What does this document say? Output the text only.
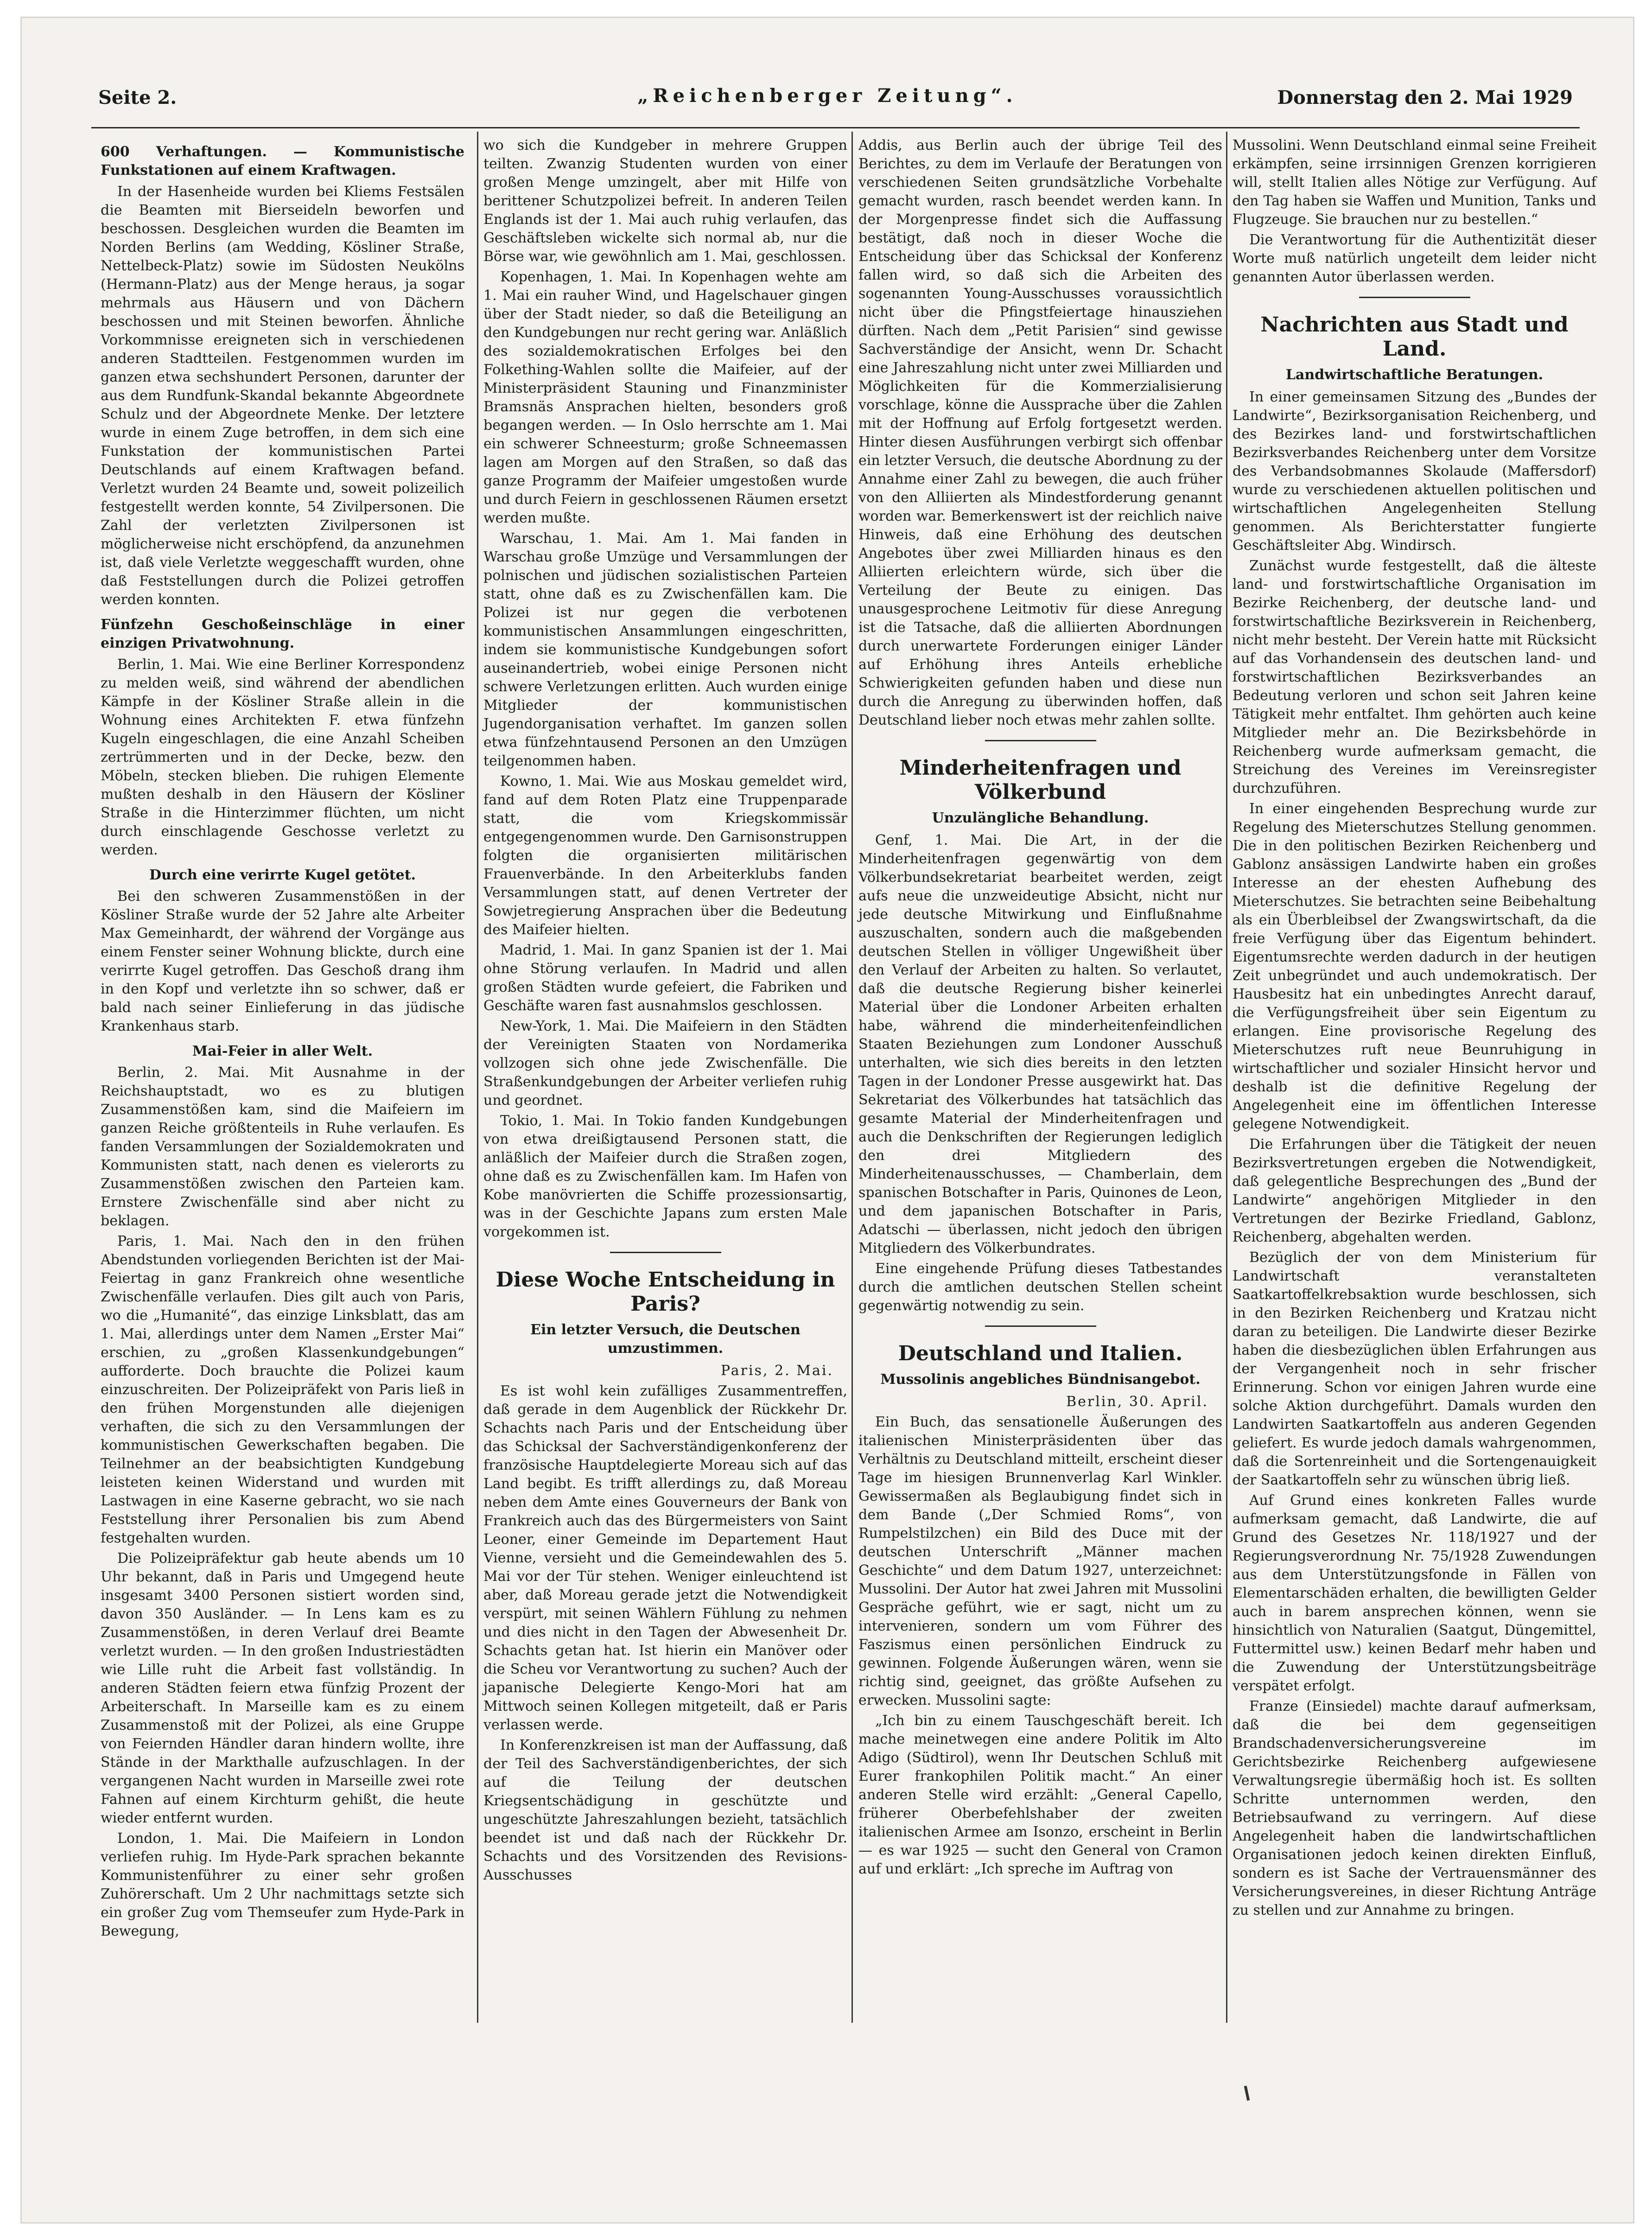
Seite 2.	„Reichenberger Zeitung“.	Donnerstag den 2. Mai 1929

600 Verhaftungen. — Kommunistische Funkstationen auf einem Kraftwagen.

In der Hasenheide wurden bei Kliems Festsälen die Beamten mit Bierseideln beworfen und beschossen. Desgleichen wurden die Beamten im Norden Berlins (am Wedding, Kösliner Straße, Nettelbeck-Platz) sowie im Südosten Neukölns (Hermann-Platz) aus der Menge heraus, ja sogar mehrmals aus Häusern und von Dächern beschossen und mit Steinen beworfen. Ähnliche Vorkommnisse ereigneten sich in verschiedenen anderen Stadtteilen. Festgenommen wurden im ganzen etwa sechshundert Personen, darunter der aus dem Rundfunk-Skandal bekannte Abgeordnete Schulz und der Abgeordnete Menke. Der letztere wurde in einem Zuge betroffen, in dem sich eine Funkstation der kommunistischen Partei Deutschlands auf einem Kraftwagen befand. Verletzt wurden 24 Beamte und, soweit polizeilich festgestellt werden konnte, 54 Zivilpersonen. Die Zahl der verletzten Zivilpersonen ist möglicherweise nicht erschöpfend, da anzunehmen ist, daß viele Verletzte weggeschafft wurden, ohne daß Feststellungen durch die Polizei getroffen werden konnten.

Fünfzehn Geschoßeinschläge in einer einzigen Privatwohnung.

Berlin, 1. Mai. Wie eine Berliner Korrespondenz zu melden weiß, sind während der abendlichen Kämpfe in der Kösliner Straße allein in die Wohnung eines Architekten F. etwa fünfzehn Kugeln eingeschlagen, die eine Anzahl Scheiben zertrümmerten und in der Decke, bezw. den Möbeln, stecken blieben. Die ruhigen Elemente mußten deshalb in den Häusern der Kösliner Straße in die Hinterzimmer flüchten, um nicht durch einschlagende Geschosse verletzt zu werden.

Durch eine verirrte Kugel getötet.

Bei den schweren Zusammenstößen in der Kösliner Straße wurde der 52 Jahre alte Arbeiter Max Gemeinhardt, der während der Vorgänge aus einem Fenster seiner Wohnung blickte, durch eine verirrte Kugel getroffen. Das Geschoß drang ihm in den Kopf und verletzte ihn so schwer, daß er bald nach seiner Einlieferung in das jüdische Krankenhaus starb.

Mai-Feier in aller Welt.

Berlin, 2. Mai. Mit Ausnahme in der Reichshauptstadt, wo es zu blutigen Zusammenstößen kam, sind die Maifeiern im ganzen Reiche größtenteils in Ruhe verlaufen. Es fanden Versammlungen der Sozialdemokraten und Kommunisten statt, nach denen es vielerorts zu Zusammenstößen zwischen den Parteien kam. Ernstere Zwischenfälle sind aber nicht zu beklagen.

Paris, 1. Mai. Nach den in den frühen Abendstunden vorliegenden Berichten ist der Mai-Feiertag in ganz Frankreich ohne wesentliche Zwischenfälle verlaufen. Dies gilt auch von Paris, wo die „Humanité“, das einzige Linksblatt, das am 1. Mai, allerdings unter dem Namen „Erster Mai“ erschien, zu „großen Klassenkundgebungen“ aufforderte. Doch brauchte die Polizei kaum einzuschreiten. Der Polizeipräfekt von Paris ließ in den frühen Morgenstunden alle diejenigen verhaften, die sich zu den Versammlungen der kommunistischen Gewerkschaften begaben. Die Teilnehmer an der beabsichtigten Kundgebung leisteten keinen Widerstand und wurden mit Lastwagen in eine Kaserne gebracht, wo sie nach Feststellung ihrer Personalien bis zum Abend festgehalten wurden.

Die Polizeipräfektur gab heute abends um 10 Uhr bekannt, daß in Paris und Umgegend heute insgesamt 3400 Personen sistiert worden sind, davon 350 Ausländer. — In Lens kam es zu Zusammenstößen, in deren Verlauf drei Beamte verletzt wurden. — In den großen Industriestädten wie Lille ruht die Arbeit fast vollständig. In anderen Städten feiern etwa fünfzig Prozent der Arbeiterschaft. In Marseille kam es zu einem Zusammenstoß mit der Polizei, als eine Gruppe von Feiernden Händler daran hindern wollte, ihre Stände in der Markthalle aufzuschlagen. In der vergangenen Nacht wurden in Marseille zwei rote Fahnen auf einem Kirchturm gehißt, die heute wieder entfernt wurden.

London, 1. Mai. Die Maifeiern in London verliefen ruhig. Im Hyde-Park sprachen bekannte Kommunistenführer zu einer sehr großen Zuhörerschaft. Um 2 Uhr nachmittags setzte sich ein großer Zug vom Themseufer zum Hyde-Park in Bewegung,

wo sich die Kundgeber in mehrere Gruppen teilten. Zwanzig Studenten wurden von einer großen Menge umzingelt, aber mit Hilfe von berittener Schutzpolizei befreit. In anderen Teilen Englands ist der 1. Mai auch ruhig verlaufen, das Geschäftsleben wickelte sich normal ab, nur die Börse war, wie gewöhnlich am 1. Mai, geschlossen.

Kopenhagen, 1. Mai. In Kopenhagen wehte am 1. Mai ein rauher Wind, und Hagelschauer gingen über der Stadt nieder, so daß die Beteiligung an den Kundgebungen nur recht gering war. Anläßlich des sozialdemokratischen Erfolges bei den Folkething-Wahlen sollte die Maifeier, auf der Ministerpräsident Stauning und Finanzminister Bramsnäs Ansprachen hielten, besonders groß begangen werden. — In Oslo herrschte am 1. Mai ein schwerer Schneesturm; große Schneemassen lagen am Morgen auf den Straßen, so daß das ganze Programm der Maifeier umgestoßen wurde und durch Feiern in geschlossenen Räumen ersetzt werden mußte.

Warschau, 1. Mai. Am 1. Mai fanden in Warschau große Umzüge und Versammlungen der polnischen und jüdischen sozialistischen Parteien statt, ohne daß es zu Zwischenfällen kam. Die Polizei ist nur gegen die verbotenen kommunistischen Ansammlungen eingeschritten, indem sie kommunistische Kundgebungen sofort auseinandertrieb, wobei einige Personen nicht schwere Verletzungen erlitten. Auch wurden einige Mitglieder der kommunistischen Jugendorganisation verhaftet. Im ganzen sollen etwa fünfzehntausend Personen an den Umzügen teilgenommen haben.

Kowno, 1. Mai. Wie aus Moskau gemeldet wird, fand auf dem Roten Platz eine Truppenparade statt, die vom Kriegskommissär entgegengenommen wurde. Den Garnisonstruppen folgten die organisierten militärischen Frauenverbände. In den Arbeiterklubs fanden Versammlungen statt, auf denen Vertreter der Sowjetregierung Ansprachen über die Bedeutung des Maifeier hielten.

Madrid, 1. Mai. In ganz Spanien ist der 1. Mai ohne Störung verlaufen. In Madrid und allen großen Städten wurde gefeiert, die Fabriken und Geschäfte waren fast ausnahmslos geschlossen.

New-York, 1. Mai. Die Maifeiern in den Städten der Vereinigten Staaten von Nordamerika vollzogen sich ohne jede Zwischenfälle. Die Straßenkundgebungen der Arbeiter verliefen ruhig und geordnet.

Tokio, 1. Mai. In Tokio fanden Kundgebungen von etwa dreißigtausend Personen statt, die anläßlich der Maifeier durch die Straßen zogen, ohne daß es zu Zwischenfällen kam. Im Hafen von Kobe manövrierten die Schiffe prozessionsartig, was in der Geschichte Japans zum ersten Male vorgekommen ist.

Diese Woche Entscheidung in Paris?

Ein letzter Versuch, die Deutschen umzustimmen.

Paris, 2. Mai.

Es ist wohl kein zufälliges Zusammentreffen, daß gerade in dem Augenblick der Rückkehr Dr. Schachts nach Paris und der Entscheidung über das Schicksal der Sachverständigenkonferenz der französische Hauptdelegierte Moreau sich auf das Land begibt. Es trifft allerdings zu, daß Moreau neben dem Amte eines Gouverneurs der Bank von Frankreich auch das des Bürgermeisters von Saint Leoner, einer Gemeinde im Departement Haut Vienne, versieht und die Gemeindewahlen des 5. Mai vor der Tür stehen. Weniger einleuchtend ist aber, daß Moreau gerade jetzt die Notwendigkeit verspürt, mit seinen Wählern Fühlung zu nehmen und dies nicht in den Tagen der Abwesenheit Dr. Schachts getan hat. Ist hierin ein Manöver oder die Scheu vor Verantwortung zu suchen? Auch der japanische Delegierte Kengo-Mori hat am Mittwoch seinen Kollegen mitgeteilt, daß er Paris verlassen werde.

In Konferenzkreisen ist man der Auffassung, daß der Teil des Sachverständigenberichtes, der sich auf die Teilung der deutschen Kriegsentschädigung in geschützte und ungeschützte Jahreszahlungen bezieht, tatsächlich beendet ist und daß nach der Rückkehr Dr. Schachts und des Vorsitzenden des Revisions-Ausschusses

Addis, aus Berlin auch der übrige Teil des Berichtes, zu dem im Verlaufe der Beratungen von verschiedenen Seiten grundsätzliche Vorbehalte gemacht wurden, rasch beendet werden kann. In der Morgenpresse findet sich die Auffassung bestätigt, daß noch in dieser Woche die Entscheidung über das Schicksal der Konferenz fallen wird, so daß sich die Arbeiten des sogenannten Young-Ausschusses voraussichtlich nicht über die Pfingstfeiertage hinausziehen dürften. Nach dem „Petit Parisien“ sind gewisse Sachverständige der Ansicht, wenn Dr. Schacht eine Jahreszahlung nicht unter zwei Milliarden und Möglichkeiten für die Kommerzialisierung vorschlage, könne die Aussprache über die Zahlen mit der Hoffnung auf Erfolg fortgesetzt werden. Hinter diesen Ausführungen verbirgt sich offenbar ein letzter Versuch, die deutsche Abordnung zu der Annahme einer Zahl zu bewegen, die auch früher von den Alliierten als Mindestforderung genannt worden war. Bemerkenswert ist der reichlich naive Hinweis, daß eine Erhöhung des deutschen Angebotes über zwei Milliarden hinaus es den Alliierten erleichtern würde, sich über die Verteilung der Beute zu einigen. Das unausgesprochene Leitmotiv für diese Anregung ist die Tatsache, daß die alliierten Abordnungen durch unerwartete Forderungen einiger Länder auf Erhöhung ihres Anteils erhebliche Schwierigkeiten gefunden haben und diese nun durch die Anregung zu überwinden hoffen, daß Deutschland lieber noch etwas mehr zahlen sollte.

Minderheitenfragen und Völkerbund

Unzulängliche Behandlung.

Genf, 1. Mai. Die Art, in der die Minderheitenfragen gegenwärtig von dem Völkerbundsekretariat bearbeitet werden, zeigt aufs neue die unzweideutige Absicht, nicht nur jede deutsche Mitwirkung und Einflußnahme auszuschalten, sondern auch die maßgebenden deutschen Stellen in völliger Ungewißheit über den Verlauf der Arbeiten zu halten. So verlautet, daß die deutsche Regierung bisher keinerlei Material über die Londoner Arbeiten erhalten habe, während die minderheitenfeindlichen Staaten Beziehungen zum Londoner Ausschuß unterhalten, wie sich dies bereits in den letzten Tagen in der Londoner Presse ausgewirkt hat. Das Sekretariat des Völkerbundes hat tatsächlich das gesamte Material der Minderheitenfragen und auch die Denkschriften der Regierungen lediglich den drei Mitgliedern des Minderheitenausschusses, — Chamberlain, dem spanischen Botschafter in Paris, Quinones de Leon, und dem japanischen Botschafter in Paris, Adatschi — überlassen, nicht jedoch den übrigen Mitgliedern des Völkerbundrates.

Eine eingehende Prüfung dieses Tatbestandes durch die amtlichen deutschen Stellen scheint gegenwärtig notwendig zu sein.

Deutschland und Italien.

Mussolinis angebliches Bündnisangebot.

Berlin, 30. April.

Ein Buch, das sensationelle Äußerungen des italienischen Ministerpräsidenten über das Verhältnis zu Deutschland mitteilt, erscheint dieser Tage im hiesigen Brunnenverlag Karl Winkler. Gewissermaßen als Beglaubigung findet sich in dem Bande („Der Schmied Roms“, von Rumpelstilzchen) ein Bild des Duce mit der deutschen Unterschrift „Männer machen Geschichte“ und dem Datum 1927, unterzeichnet: Mussolini. Der Autor hat zwei Jahren mit Mussolini Gespräche geführt, wie er sagt, nicht um zu intervenieren, sondern um vom Führer des Faszismus einen persönlichen Eindruck zu gewinnen. Folgende Äußerungen wären, wenn sie richtig sind, geeignet, das größte Aufsehen zu erwecken. Mussolini sagte:

„Ich bin zu einem Tauschgeschäft bereit. Ich mache meinetwegen eine andere Politik im Alto Adigo (Südtirol), wenn Ihr Deutschen Schluß mit Eurer frankophilen Politik macht.“ An einer anderen Stelle wird erzählt: „General Capello, früherer Oberbefehlshaber der zweiten italienischen Armee am Isonzo, erscheint in Berlin — es war 1925 — sucht den General von Cramon auf und erklärt: „Ich spreche im Auftrag von

Mussolini. Wenn Deutschland einmal seine Freiheit erkämpfen, seine irrsinnigen Grenzen korrigieren will, stellt Italien alles Nötige zur Verfügung. Auf den Tag haben sie Waffen und Munition, Tanks und Flugzeuge. Sie brauchen nur zu bestellen.“

Die Verantwortung für die Authentizität dieser Worte muß natürlich ungeteilt dem leider nicht genannten Autor überlassen werden.

Nachrichten aus Stadt und Land.

Landwirtschaftliche Beratungen.

In einer gemeinsamen Sitzung des „Bundes der Landwirte“, Bezirksorganisation Reichenberg, und des Bezirkes land- und forstwirtschaftlichen Bezirksverbandes Reichenberg unter dem Vorsitze des Verbandsobmannes Skolaude (Maffersdorf) wurde zu verschiedenen aktuellen politischen und wirtschaftlichen Angelegenheiten Stellung genommen. Als Berichterstatter fungierte Geschäftsleiter Abg. Windirsch.

Zunächst wurde festgestellt, daß die älteste land- und forstwirtschaftliche Organisation im Bezirke Reichenberg, der deutsche land- und forstwirtschaftliche Bezirksverein in Reichenberg, nicht mehr besteht. Der Verein hatte mit Rücksicht auf das Vorhandensein des deutschen land- und forstwirtschaftlichen Bezirksverbandes an Bedeutung verloren und schon seit Jahren keine Tätigkeit mehr entfaltet. Ihm gehörten auch keine Mitglieder mehr an. Die Bezirksbehörde in Reichenberg wurde aufmerksam gemacht, die Streichung des Vereines im Vereinsregister durchzuführen.

In einer eingehenden Besprechung wurde zur Regelung des Mieterschutzes Stellung genommen. Die in den politischen Bezirken Reichenberg und Gablonz ansässigen Landwirte haben ein großes Interesse an der ehesten Aufhebung des Mieterschutzes. Sie betrachten seine Beibehaltung als ein Überbleibsel der Zwangswirtschaft, da die freie Verfügung über das Eigentum behindert. Eigentumsrechte werden dadurch in der heutigen Zeit unbegründet und auch undemokratisch. Der Hausbesitz hat ein unbedingtes Anrecht darauf, die Verfügungsfreiheit über sein Eigentum zu erlangen. Eine provisorische Regelung des Mieterschutzes ruft neue Beunruhigung in wirtschaftlicher und sozialer Hinsicht hervor und deshalb ist die definitive Regelung der Angelegenheit eine im öffentlichen Interesse gelegene Notwendigkeit.

Die Erfahrungen über die Tätigkeit der neuen Bezirksvertretungen ergeben die Notwendigkeit, daß gelegentliche Besprechungen des „Bund der Landwirte“ angehörigen Mitglieder in den Vertretungen der Bezirke Friedland, Gablonz, Reichenberg, abgehalten werden.

Bezüglich der von dem Ministerium für Landwirtschaft veranstalteten Saatkartoffelkrebsaktion wurde beschlossen, sich in den Bezirken Reichenberg und Kratzau nicht daran zu beteiligen. Die Landwirte dieser Bezirke haben die diesbezüglichen üblen Erfahrungen aus der Vergangenheit noch in sehr frischer Erinnerung. Schon vor einigen Jahren wurde eine solche Aktion durchgeführt. Damals wurden den Landwirten Saatkartoffeln aus anderen Gegenden geliefert. Es wurde jedoch damals wahrgenommen, daß die Sortenreinheit und die Sortengenauigkeit der Saatkartoffeln sehr zu wünschen übrig ließ.

Auf Grund eines konkreten Falles wurde aufmerksam gemacht, daß Landwirte, die auf Grund des Gesetzes Nr. 118/1927 und der Regierungsverordnung Nr. 75/1928 Zuwendungen aus dem Unterstützungsfonde in Fällen von Elementarschäden erhalten, die bewilligten Gelder auch in barem ansprechen können, wenn sie hinsichtlich von Naturalien (Saatgut, Düngemittel, Futtermittel usw.) keinen Bedarf mehr haben und die Zuwendung der Unterstützungsbeiträge verspätet erfolgt.

Franze (Einsiedel) machte darauf aufmerksam, daß die bei dem gegenseitigen Brandschadenversicherungsvereine im Gerichtsbezirke Reichenberg aufgewiesene Verwaltungsregie übermäßig hoch ist. Es sollten Schritte unternommen werden, den Betriebsaufwand zu verringern. Auf diese Angelegenheit haben die landwirtschaftlichen Organisationen jedoch keinen direkten Einfluß, sondern es ist Sache der Vertrauensmänner des Versicherungsvereines, in dieser Richtung Anträge zu stellen und zur Annahme zu bringen.
